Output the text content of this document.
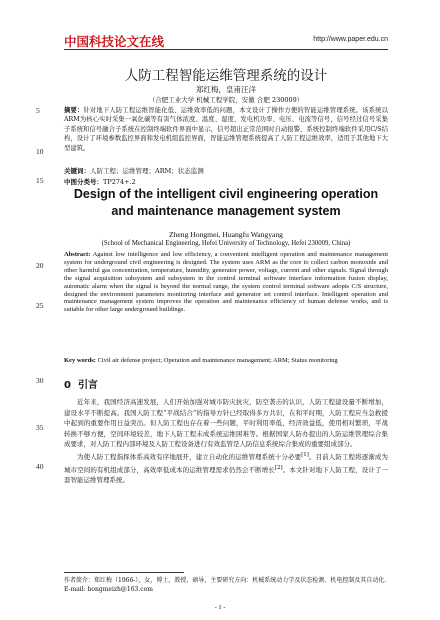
中国科技论文在线	http://www.paper.edu.cn
5
10
15
20
25
30
35
40
人防工程智能运维管理系统的设计
郑红梅，皇甫汪洋
（合肥工业大学 机械工程学院，安徽 合肥 230009）
摘要：针对地下人防工程运维智能化低、运维效率低的问题，本文设计了操作方便的智能运维管理系统。该系统以ARM为核心实时采集一氧化碳等有害气体浓度、温度、湿度、发电机功率、电压、电流等信号，信号经过信号采集子系统和信号融合子系统在控制终端软件界面中显示，信号超出正常范围时自动报警，系统控制终端软件采用C/S结构，设计了环境参数监控界面和发电机组监控界面，智能运维管理系统提高了人防工程运维效率，适用于其他地下大型建筑。
关键词：人防工程；运维管理；ARM；状态监测
中图分类号：TP274+.2
Design of the intelligent civil engineering operation and maintenance management system
Zheng Hongmei, Huangfu Wangyang
(School of Mechanical Engineering, Hefei University of Technology, Hefei 230009, China)
Abstract: Against low intelligence and low efficiency, a convenient intelligent operation and maintenance management system for underground civil engineering is designed. The system uses ARM as the core to collect carbon monoxide and other harmful gas concentration, temperature, humidity, generator power, voltage, current and other signals. Signal through the signal acquisition subsystem and subsystem in the control terminal software interface information fusion display, automatic alarm when the signal is beyond the normal range, the system control terminal software adopts C/S structure, designed the environment parameters monitoring interface and generator set control interface. Intelligent operation and maintenance management system improves the operation and maintenance efficiency of human defense works, and is suitable for other large underground buildings.
Key words: Civil air defense project; Operation and maintenance management; ARM; Status monitoring
0 引言

近年来，我国经济高速发展，人们开始加强对城市防灾抗灾、防空袭击的认识，人防工程建设量不断增加，建设水平不断提高。我国人防工程“平战结合”的指导方针已经取得多方共识，在和平时期，人防工程应当急救援中起到的重要作用日益突出。但人防工程也存在着一些问题，平时利用率低，经济效益低，使用相对繁琐，平战转换不够方便，空间环境较差，地下人防工程未成系统运维困难等。根据国家人防办提出的人防运维管理综合集成要求，对人防工程内部环境及人防工程设备进行有效监管是人防信息系统综合集成的重要组成部分。

为使人防工程指挥体系高效有序地展开，建立自动化的运维管理系统十分必要[1]。目前人防工程将逐渐成为城市空间的有机组成部分，高效率低成本的运维管理需求仍然会不断增长[2]。本文针对地下人防工程，设计了一套智能运维管理系统。

作者简介：郑红梅（1966-），女，博士，教授，硕导，主要研究方向：机械系统动力学及状态检测、机电控制及其自动化. E-mail: hongmeizh@163.com
- 1 -
